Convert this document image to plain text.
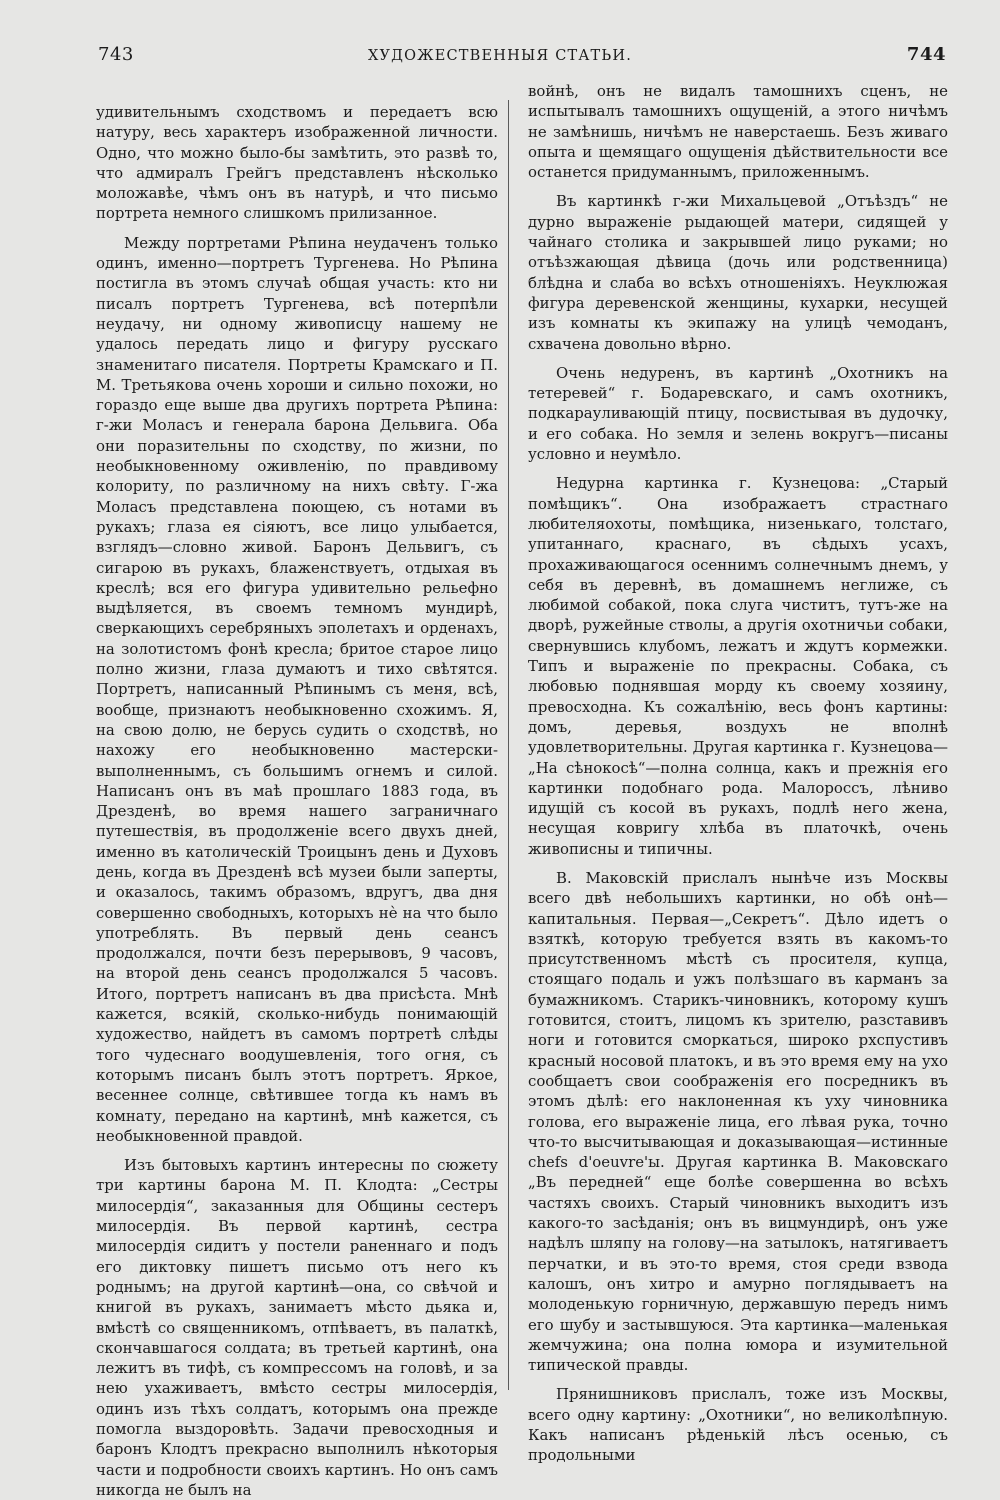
743	ХУДОЖЕСТВЕННЫЯ СТАТЬИ.	744

удивительнымъ сходствомъ и передаетъ всю натуру, весь характеръ изображенной личности. Одно, что можно было-бы замѣтить, это развѣ то, что адмиралъ Грейгъ представленъ нѣсколько моложавѣе, чѣмъ онъ въ натурѣ, и что письмо портрета немного слишкомъ прилизанное.

Между портретами Рѣпина неудаченъ только одинъ, именно—портретъ Тургенева. Но Рѣпина постигла въ этомъ случаѣ общая участь: кто ни писалъ портретъ Тургенева, всѣ потерпѣли неудачу, ни одному живописцу нашему не удалось передать лицо и фигуру русскаго знаменитаго писателя. Портреты Крамскаго и П. М. Третьякова очень хороши и сильно похожи, но гораздо еще выше два другихъ портрета Рѣпина: г-жи Моласъ и генерала барона Дельвига. Оба они поразительны по сходству, по жизни, по необыкновенному оживленію, по правдивому колориту, по различному на нихъ свѣту. Г-жа Моласъ представлена поющею, съ нотами въ рукахъ; глаза ея сіяютъ, все лицо улыбается, взглядъ—словно живой. Баронъ Дельвигъ, съ сигарою въ рукахъ, блаженствуетъ, отдыхая въ креслѣ; вся его фигура удивительно рельефно выдѣляется, въ своемъ темномъ мундирѣ, сверкающихъ серебряныхъ эполетахъ и орденахъ, на золотистомъ фонѣ кресла; бритое старое лицо полно жизни, глаза думаютъ и тихо свѣтятся. Портретъ, написанный Рѣпинымъ съ меня, всѣ, вообще, признаютъ необыкновенно схожимъ. Я, на свою долю, не берусь судить о сходствѣ, но нахожу его необыкновенно мастерски-выполненнымъ, съ большимъ огнемъ и силой. Написанъ онъ въ маѣ прошлаго 1883 года, въ Дрезденѣ, во время нашего заграничнаго путешествія, въ продолженіе всего двухъ дней, именно въ католическій Троицынъ день и Духовъ день, когда въ Дрезденѣ всѣ музеи были заперты, и оказалось, такимъ образомъ, вдругъ, два дня совершенно свободныхъ, которыхъ нѐ на что было употреблять. Въ первый день сеансъ продолжался, почти безъ перерывовъ, 9 часовъ, на второй день сеансъ продолжался 5 часовъ. Итого, портретъ написанъ въ два присѣста. Мнѣ кажется, всякій, сколько-нибудь понимающій художество, найдетъ въ самомъ портретѣ слѣды того чудеснаго воодушевленія, того огня, съ которымъ писанъ былъ этотъ портретъ. Яркое, весеннее солнце, свѣтившее тогда къ намъ въ комнату, передано на картинѣ, мнѣ кажется, съ необыкновенной правдой.

Изъ бытовыхъ картинъ интересны по сюжету три картины барона М. П. Клодта: „Сестры милосердія“, заказанныя для Общины сестеръ милосердія. Въ первой картинѣ, сестра милосердія сидитъ у постели раненнаго и подъ его диктовку пишетъ письмо отъ него къ роднымъ; на другой картинѣ—она, со свѣчой и книгой въ рукахъ, занимаетъ мѣсто дьяка и, вмѣстѣ со священникомъ, отпѣваетъ, въ палаткѣ, скончавшагося солдата; въ третьей картинѣ, она лежитъ въ тифѣ, съ компрессомъ на головѣ, и за нею ухаживаетъ, вмѣсто сестры милосердія, одинъ изъ тѣхъ солдатъ, которымъ она прежде помогла выздоровѣть. Задачи превосходныя и баронъ Клодтъ прекрасно выполнилъ нѣкоторыя части и подробности своихъ картинъ. Но онъ самъ никогда не былъ на

войнѣ, онъ не видалъ тамошнихъ сценъ, не испытывалъ тамошнихъ ощущеній, а этого ничѣмъ не замѣнишь, ничѣмъ не наверстаешь. Безъ живаго опыта и щемящаго ощущенія дѣйствительности все останется придуманнымъ, приложеннымъ.

Въ картинкѣ г-жи Михальцевой „Отъѣздъ“ не дурно выраженіе рыдающей матери, сидящей у чайнаго столика и закрывшей лицо руками; но отъѣзжающая дѣвица (дочь или родственница) блѣдна и слаба во всѣхъ отношеніяхъ. Неуклюжая фигура деревенской женщины, кухарки, несущей изъ комнаты къ экипажу на улицѣ чемоданъ, схвачена довольно вѣрно.

Очень недуренъ, въ картинѣ „Охотникъ на тетеревей“ г. Бодаревскаго, и самъ охотникъ, подкарауливающій птицу, посвистывая въ дудочку, и его собака. Но земля и зелень вокругъ—писаны условно и неумѣло.

Недурна картинка г. Кузнецова: „Старый помѣщикъ“. Она изображаетъ страстнаго любителяохоты, помѣщика, низенькаго, толстаго, упитаннаго, краснаго, въ сѣдыхъ усахъ, прохаживающагося осеннимъ солнечнымъ днемъ, у себя въ деревнѣ, въ домашнемъ неглиже, съ любимой собакой, пока слуга чиститъ, тутъ-же на дворѣ, ружейные стволы, а другія охотничьи собаки, свернувшись клубомъ, лежатъ и ждутъ кормежки. Типъ и выраженіе по прекрасны. Собака, съ любовью поднявшая морду къ своему хозяину, превосходна. Къ сожалѣнію, весь фонъ картины: домъ, деревья, воздухъ не вполнѣ удовлетворительны. Другая картинка г. Кузнецова—„На сѣнокосѣ“—полна солнца, какъ и прежнія его картинки подобнаго рода. Малороссъ, лѣниво идущій съ косой въ рукахъ, подлѣ него жена, несущая ковригу хлѣба въ платочкѣ, очень живописны и типичны.

В. Маковскій прислалъ нынѣче изъ Москвы всего двѣ небольшихъ картинки, но обѣ онѣ—капитальныя. Первая—„Секретъ“. Дѣло идетъ о взяткѣ, которую требуется взять въ какомъ-то присутственномъ мѣстѣ съ просителя, купца, стоящаго подаль и ужъ полѣзшаго въ карманъ за бумажникомъ. Старикъ-чиновникъ, которому кушъ готовится, стоитъ, лицомъ къ зрителю, разставивъ ноги и готовится сморкаться, широко рхспустивъ красный носовой платокъ, и въ это время ему на ухо сообщаетъ свои соображенія его посредникъ въ этомъ дѣлѣ: его наклоненная къ уху чиновника голова, его выраженіе лица, его лѣвая рука, точно что-то высчитывающая и доказывающая—истинные chefs d'oeuvre'ы. Другая картинка В. Маковскаго „Въ передней“ еще болѣе совершенна во всѣхъ частяхъ своихъ. Старый чиновникъ выходитъ изъ какого-то засѣданія; онъ въ вицмундирѣ, онъ уже надѣлъ шляпу на голову—на затылокъ, натягиваетъ перчатки, и въ это-то время, стоя среди взвода калошъ, онъ хитро и амурно поглядываетъ на молоденькую горничную, державшую передъ нимъ его шубу и застывшуюся. Эта картинка—маленькая жемчужина; она полна юмора и изумительной типической правды.

Прянишниковъ прислалъ, тоже изъ Москвы, всего одну картину: „Охотники“, но великолѣпную. Какъ написанъ рѣденькій лѣсъ осенью, съ продольными
